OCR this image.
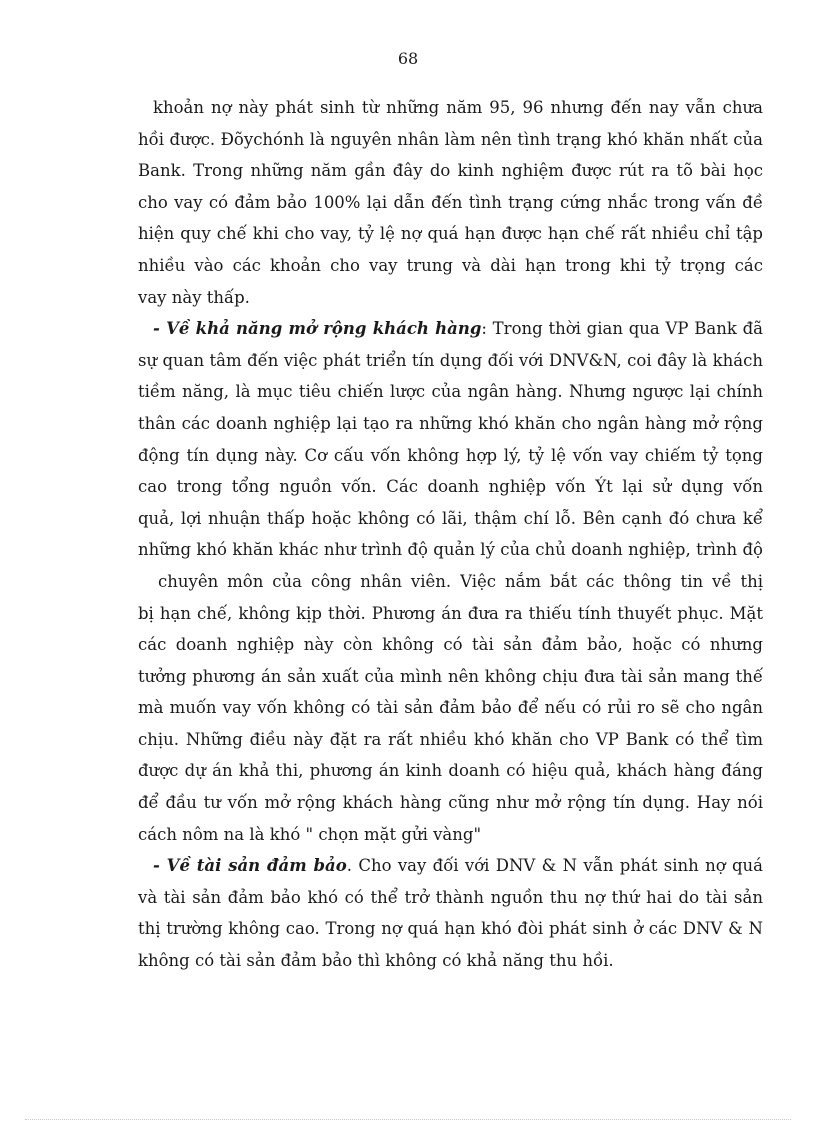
68
khoản nợ này phát sinh từ những năm 95, 96 nhưng đến nay vẫn chưa
hồi được. Đõychónh là nguyên nhân làm nên tình trạng khó khăn nhất của
Bank. Trong những năm gần đây do kinh nghiệm được rút ra tõ bài học
cho vay có đảm bảo 100% lại dẫn đến tình trạng cứng nhắc trong vấn đề
hiện quy chế khi cho vay, tỷ lệ nợ quá hạn được hạn chế rất nhiều chỉ tập
nhiều vào các khoản cho vay trung và dài hạn trong khi tỷ trọng các
vay này thấp.
- Về khả năng mở rộng khách hàng: Trong thời gian qua VP Bank đã
sự quan tâm đến việc phát triển tín dụng đối với DNV&N, coi đây là khách
tiềm năng, là mục tiêu chiến lược của ngân hàng. Nhưng ngược lại chính
thân các doanh nghiệp lại tạo ra những khó khăn cho ngân hàng mở rộng
động tín dụng này. Cơ cấu vốn không hợp lý, tỷ lệ vốn vay chiếm tỷ tọng
cao trong tổng nguồn vốn. Các doanh nghiệp vốn Ýt lại sử dụng vốn
quả, lợi nhuận thấp hoặc không có lãi, thậm chí lỗ. Bên cạnh đó chưa kể
những khó khăn khác như trình độ quản lý của chủ doanh nghiệp, trình độ
chuyên môn của công nhân viên. Việc nắm bắt các thông tin về thị
bị hạn chế, không kịp thời. Phương án đưa ra thiếu tính thuyết phục. Mặt
các doanh nghiệp này còn không có tài sản đảm bảo, hoặc có nhưng
tưởng phương án sản xuất của mình nên không chịu đưa tài sản mang thế
mà muốn vay vốn không có tài sản đảm bảo để nếu có rủi ro sẽ cho ngân
chịu. Những điều này đặt ra rất nhiều khó khăn cho VP Bank có thể tìm
được dự án khả thi, phương án kinh doanh có hiệu quả, khách hàng đáng
để đầu tư vốn mở rộng khách hàng cũng như mở rộng tín dụng. Hay nói
cách nôm na là khó " chọn mặt gửi vàng"
- Về tài sản đảm bảo. Cho vay đối với DNV & N vẫn phát sinh nợ quá
và tài sản đảm bảo khó có thể trở thành nguồn thu nợ thứ hai do tài sản
thị trường không cao. Trong nợ quá hạn khó đòi phát sinh ở các DNV & N
không có tài sản đảm bảo thì không có khả năng thu hồi.
